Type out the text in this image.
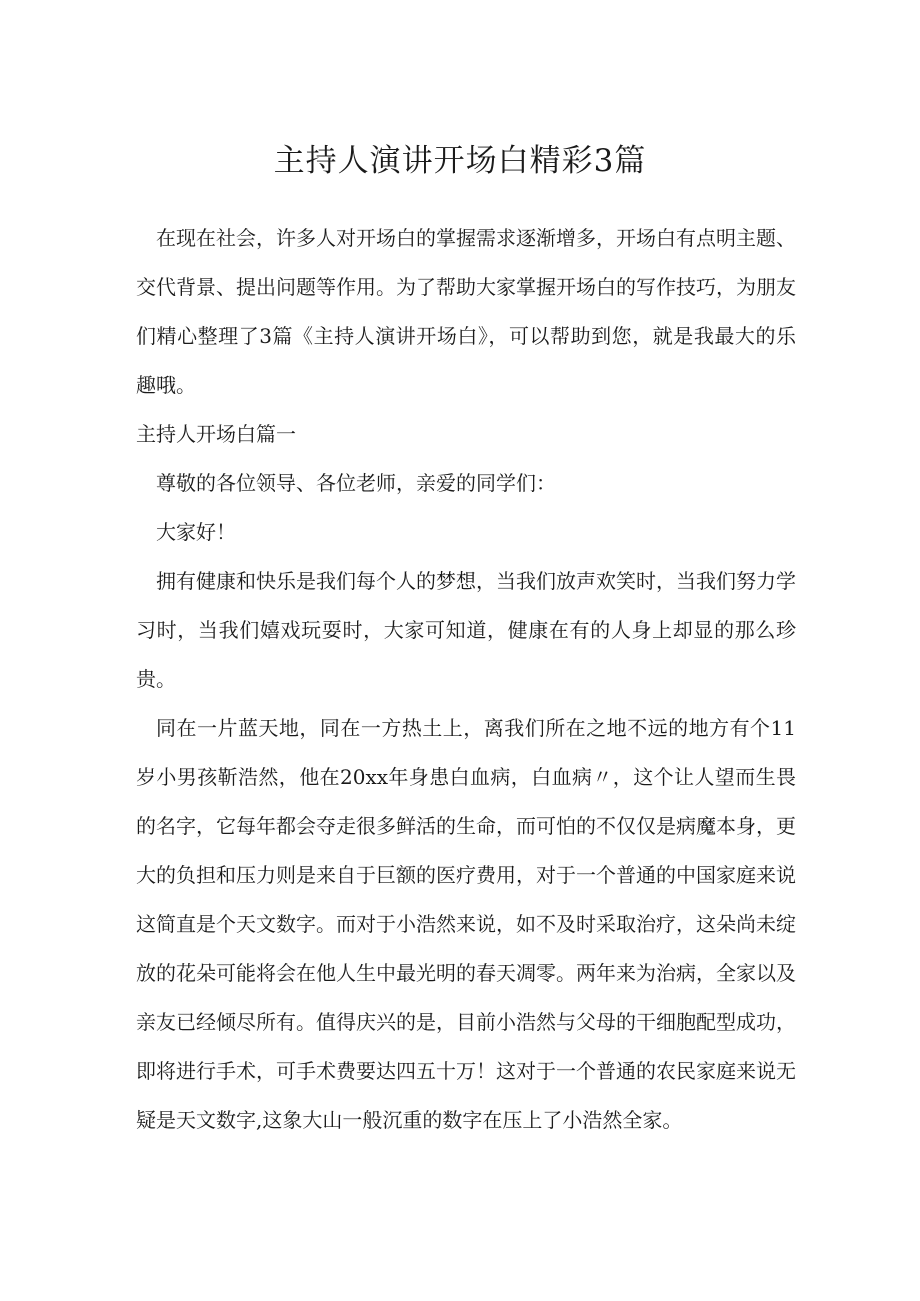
主持人演讲开场白精彩3篇

在现在社会，许多人对开场白的掌握需求逐渐增多，开场白有点明主题、交代背景、提出问题等作用。为了帮助大家掌握开场白的写作技巧，为朋友们精心整理了3篇《主持人演讲开场白》，可以帮助到您，就是我最大的乐趣哦。

主持人开场白篇一

尊敬的各位领导、各位老师，亲爱的同学们：

大家好！

拥有健康和快乐是我们每个人的梦想，当我们放声欢笑时，当我们努力学习时，当我们嬉戏玩耍时，大家可知道，健康在有的人身上却显的那么珍贵。

同在一片蓝天地，同在一方热土上，离我们所在之地不远的地方有个11岁小男孩靳浩然，他在20xx年身患白血病，白血病〃，这个让人望而生畏的名字，它每年都会夺走很多鲜活的生命，而可怕的不仅仅是病魔本身，更大的负担和压力则是来自于巨额的医疗费用，对于一个普通的中国家庭来说这简直是个天文数字。而对于小浩然来说，如不及时采取治疗，这朵尚未绽放的花朵可能将会在他人生中最光明的春天凋零。两年来为治病，全家以及亲友已经倾尽所有。值得庆兴的是，目前小浩然与父母的干细胞配型成功，即将进行手术，可手术费要达四五十万！这对于一个普通的农民家庭来说无疑是天文数字,这象大山一般沉重的数字在压上了小浩然全家。
